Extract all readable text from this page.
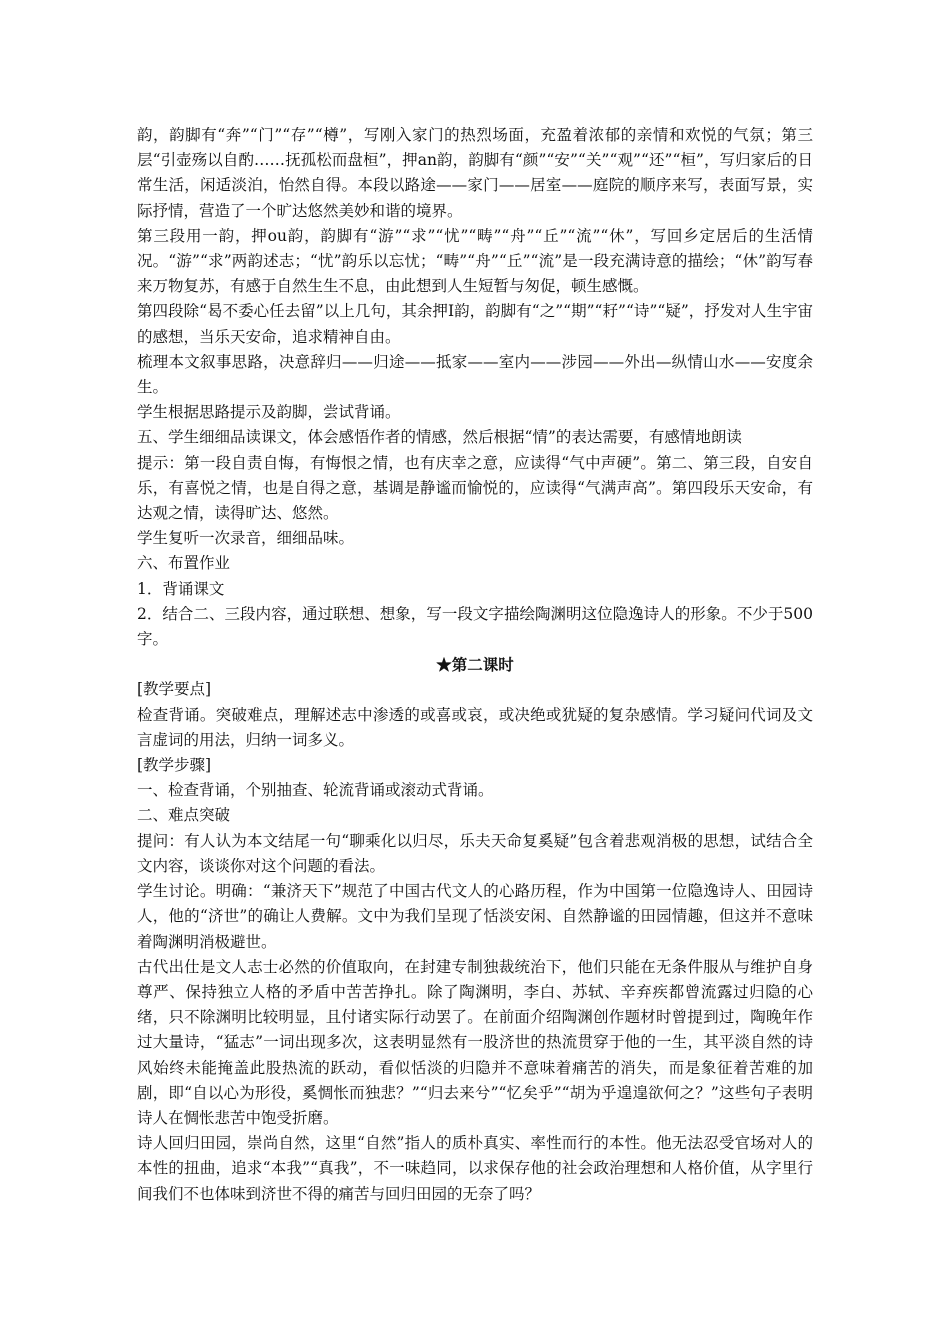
韵，韵脚有“奔”“门”“存”“樽”，写刚入家门的热烈场面，充盈着浓郁的亲情和欢悦的气氛；第三层“引壶殇以自酌……抚孤松而盘桓”，押an韵，韵脚有“颜”“安”“关”“观”“还”“桓”，写归家后的日常生活，闲适淡泊，怡然自得。本段以路途——家门——居室——庭院的顺序来写，表面写景，实际抒情，营造了一个旷达悠然美妙和谐的境界。

第三段用一韵，押ou韵，韵脚有“游”“求”“忧”“畴”“舟”“丘”“流”“休”，写回乡定居后的生活情况。“游”“求”两韵述志；“忧”韵乐以忘忧；“畴”“舟”“丘”“流”是一段充满诗意的描绘；“休”韵写春来万物复苏，有感于自然生生不息，由此想到人生短暂与匆促，顿生感慨。

第四段除“曷不委心任去留”以上几句，其余押Ⅰ韵，韵脚有“之”“期”“耔”“诗”“疑”，抒发对人生宇宙的感想，当乐天安命，追求精神自由。

梳理本文叙事思路，决意辞归——归途——抵家——室内——涉园——外出—纵情山水——安度余生。

学生根据思路提示及韵脚，尝试背诵。

五、学生细细品读课文，体会感悟作者的情感，然后根据“情”的表达需要，有感情地朗读

提示：第一段自责自悔，有悔恨之情，也有庆幸之意，应读得“气中声硬”。第二、第三段，自安自乐，有喜悦之情，也是自得之意，基调是静谧而愉悦的，应读得“气满声高”。第四段乐天安命，有达观之情，读得旷达、悠然。

学生复听一次录音，细细品味。

六、布置作业

1．背诵课文

2．结合二、三段内容，通过联想、想象，写一段文字描绘陶渊明这位隐逸诗人的形象。不少于500字。

★第二课时

[教学要点]

检查背诵。突破难点，理解述志中渗透的或喜或哀，或决绝或犹疑的复杂感情。学习疑问代词及文言虚词的用法，归纳一词多义。

[教学步骤]

一、检查背诵，个别抽查、轮流背诵或滚动式背诵。

二、难点突破

提问：有人认为本文结尾一句“聊乘化以归尽，乐夫天命复奚疑”包含着悲观消极的思想，试结合全文内容，谈谈你对这个问题的看法。

学生讨论。明确：“兼济天下”规范了中国古代文人的心路历程，作为中国第一位隐逸诗人、田园诗人，他的“济世”的确让人费解。文中为我们呈现了恬淡安闲、自然静谧的田园情趣，但这并不意味着陶渊明消极避世。

古代出仕是文人志士必然的价值取向，在封建专制独裁统治下，他们只能在无条件服从与维护自身尊严、保持独立人格的矛盾中苦苦挣扎。除了陶渊明，李白、苏轼、辛弃疾都曾流露过归隐的心绪，只不除渊明比较明显，且付诸实际行动罢了。在前面介绍陶渊创作题材时曾提到过，陶晚年作过大量诗，“猛志”一词出现多次，这表明显然有一股济世的热流贯穿于他的一生，其平淡自然的诗风始终未能掩盖此股热流的跃动，看似恬淡的归隐并不意味着痛苦的消失，而是象征着苦难的加剧，即“自以心为形役，奚惆怅而独悲？”“归去来兮”“忆矣乎”“胡为乎遑遑欲何之？”这些句子表明诗人在惆怅悲苦中饱受折磨。

诗人回归田园，崇尚自然，这里“自然”指人的质朴真实、率性而行的本性。他无法忍受官场对人的本性的扭曲，追求“本我”“真我”，不一味趋同，以求保存他的社会政治理想和人格价值，从字里行间我们不也体味到济世不得的痛苦与回归田园的无奈了吗？
